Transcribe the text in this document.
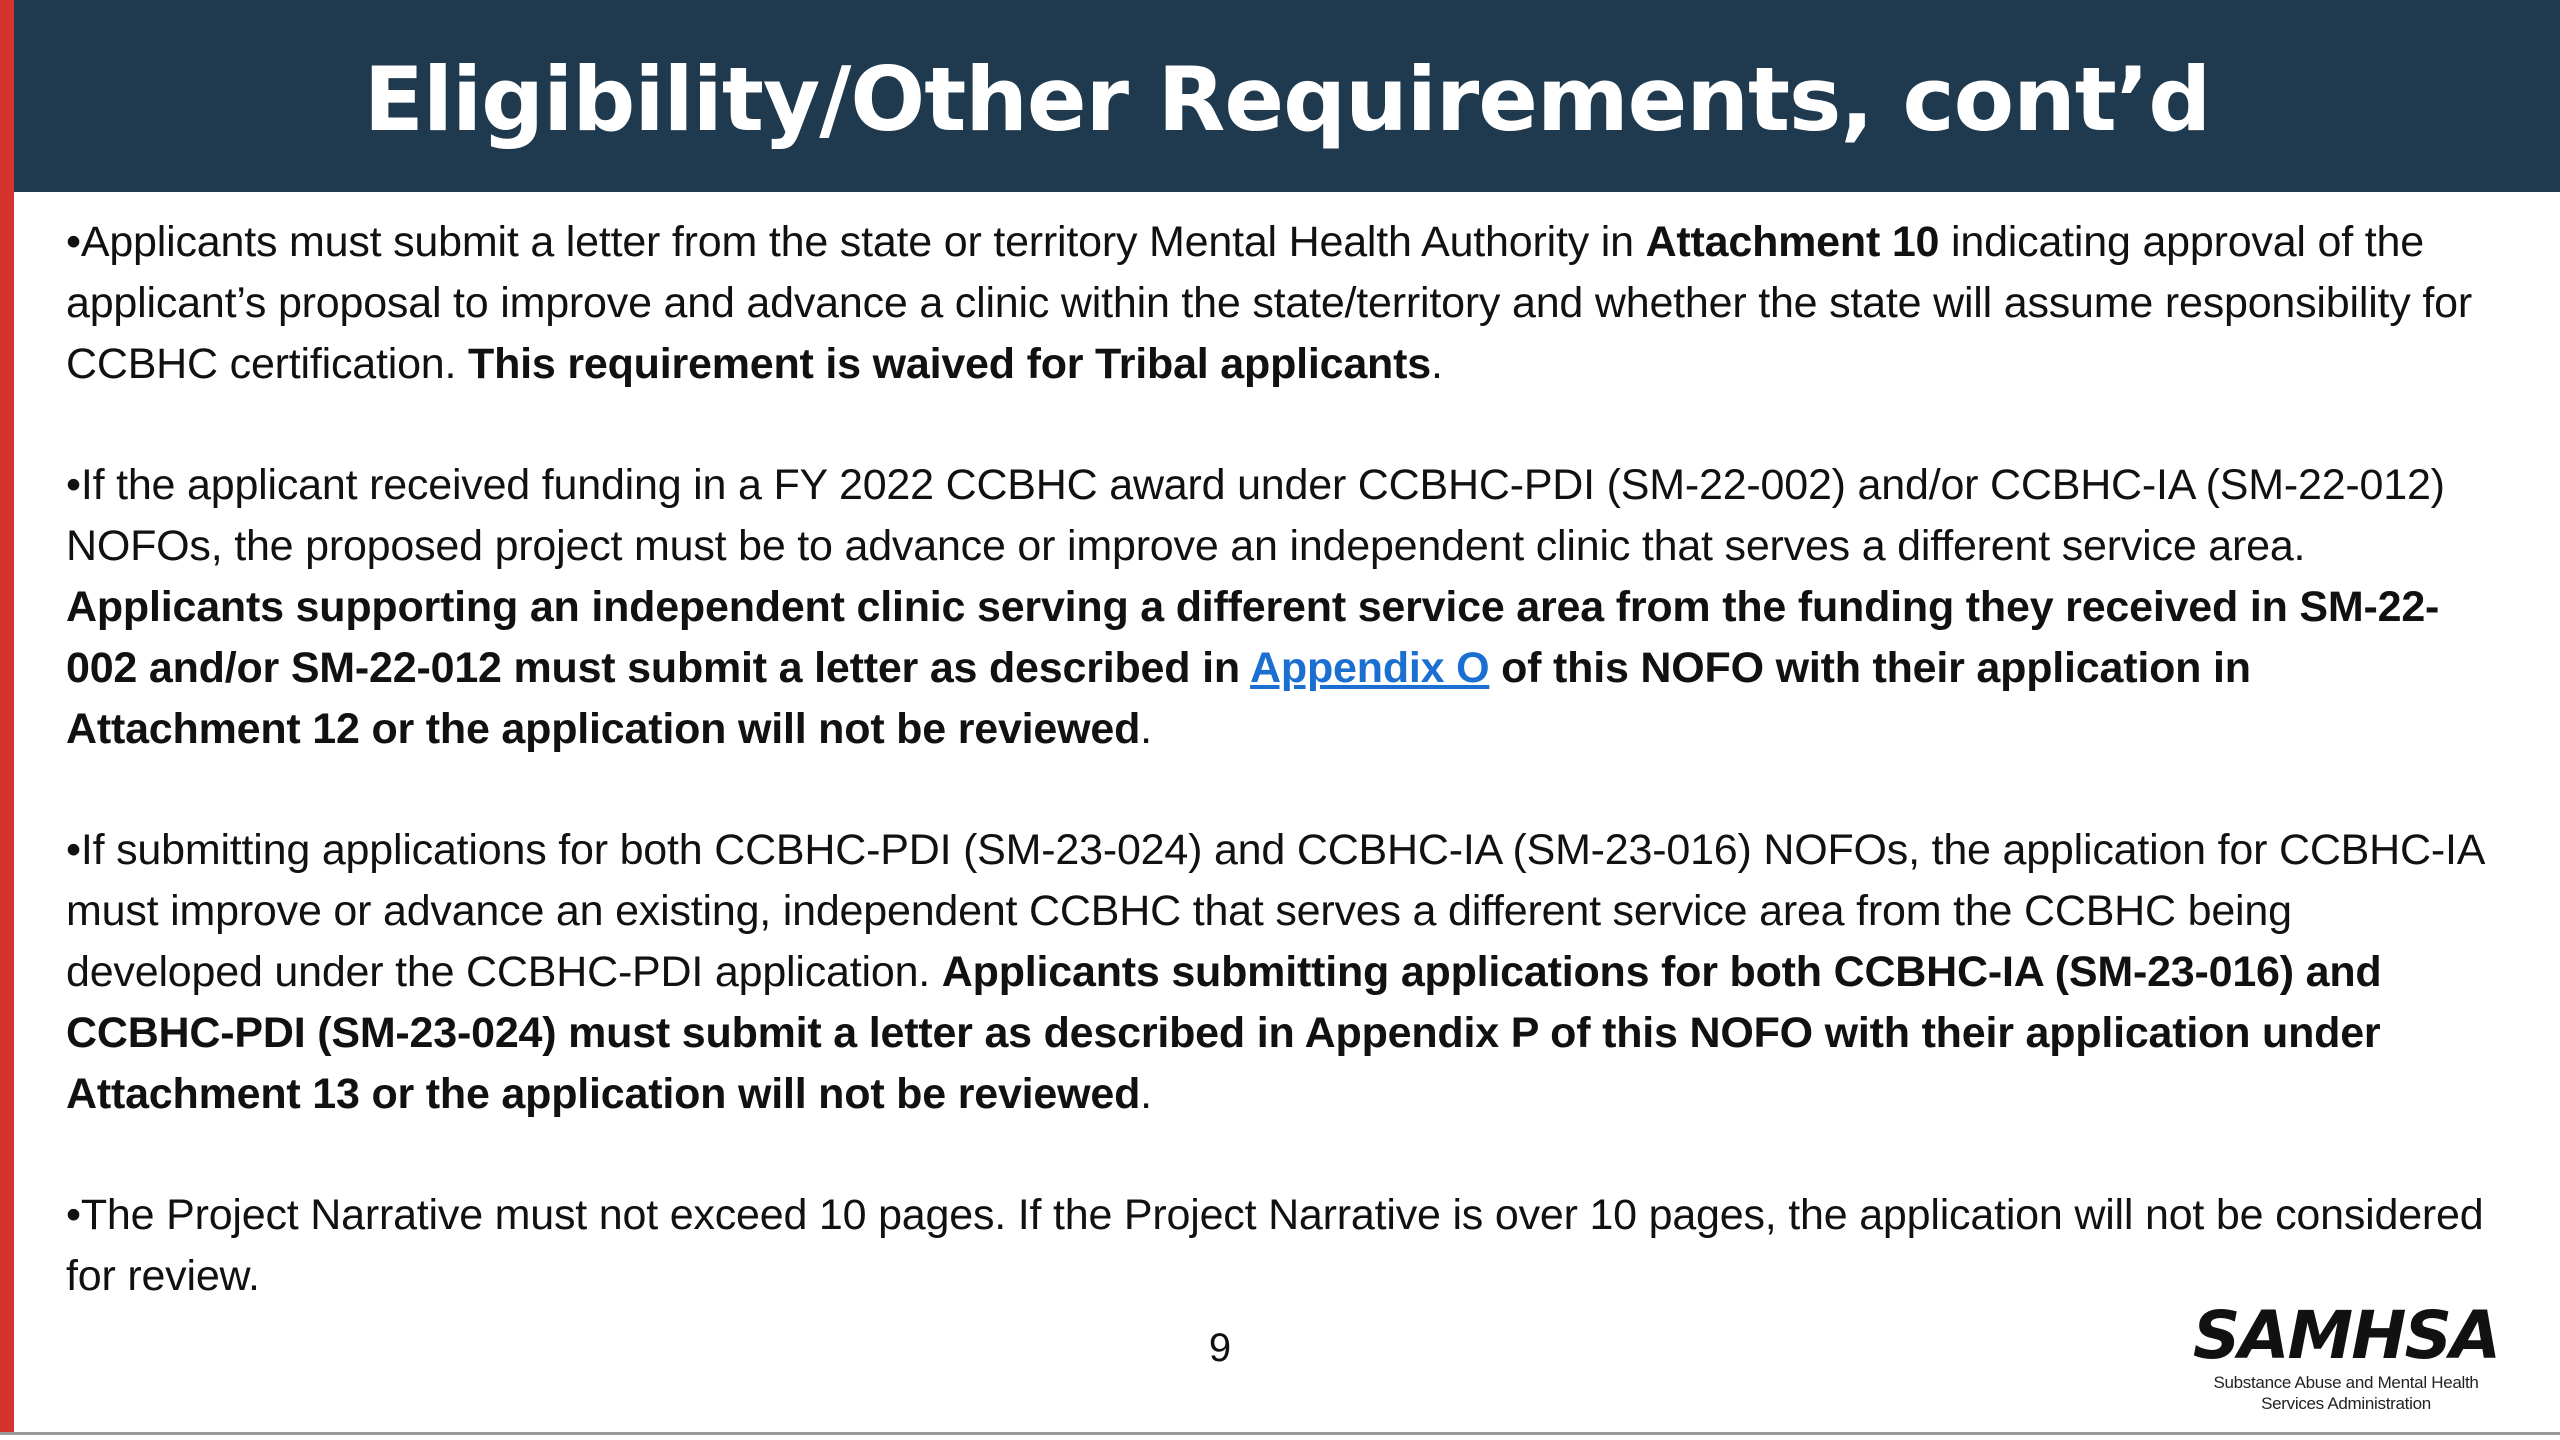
Eligibility/Other Requirements, cont’d

•Applicants must submit a letter from the state or territory Mental Health Authority in Attachment 10 indicating approval of the applicant’s proposal to improve and advance a clinic within the state/territory and whether the state will assume responsibility for CCBHC certification. This requirement is waived for Tribal applicants.

•If the applicant received funding in a FY 2022 CCBHC award under CCBHC-PDI (SM-22-002) and/or CCBHC-IA (SM-22-012) NOFOs, the proposed project must be to advance or improve an independent clinic that serves a different service area. Applicants supporting an independent clinic serving a different service area from the funding they received in SM-22-002 and/or SM-22-012 must submit a letter as described in Appendix O of this NOFO with their application in Attachment 12 or the application will not be reviewed.

•If submitting applications for both CCBHC-PDI (SM-23-024) and CCBHC-IA (SM-23-016) NOFOs, the application for CCBHC-IA must improve or advance an existing, independent CCBHC that serves a different service area from the CCBHC being developed under the CCBHC-PDI application. Applicants submitting applications for both CCBHC-IA (SM-23-016) and CCBHC-PDI (SM-23-024) must submit a letter as described in Appendix P of this NOFO with their application under Attachment 13 or the application will not be reviewed.

•The Project Narrative must not exceed 10 pages. If the Project Narrative is over 10 pages, the application will not be considered for review.

9	SAMHSA
Substance Abuse and Mental Health
Services Administration
